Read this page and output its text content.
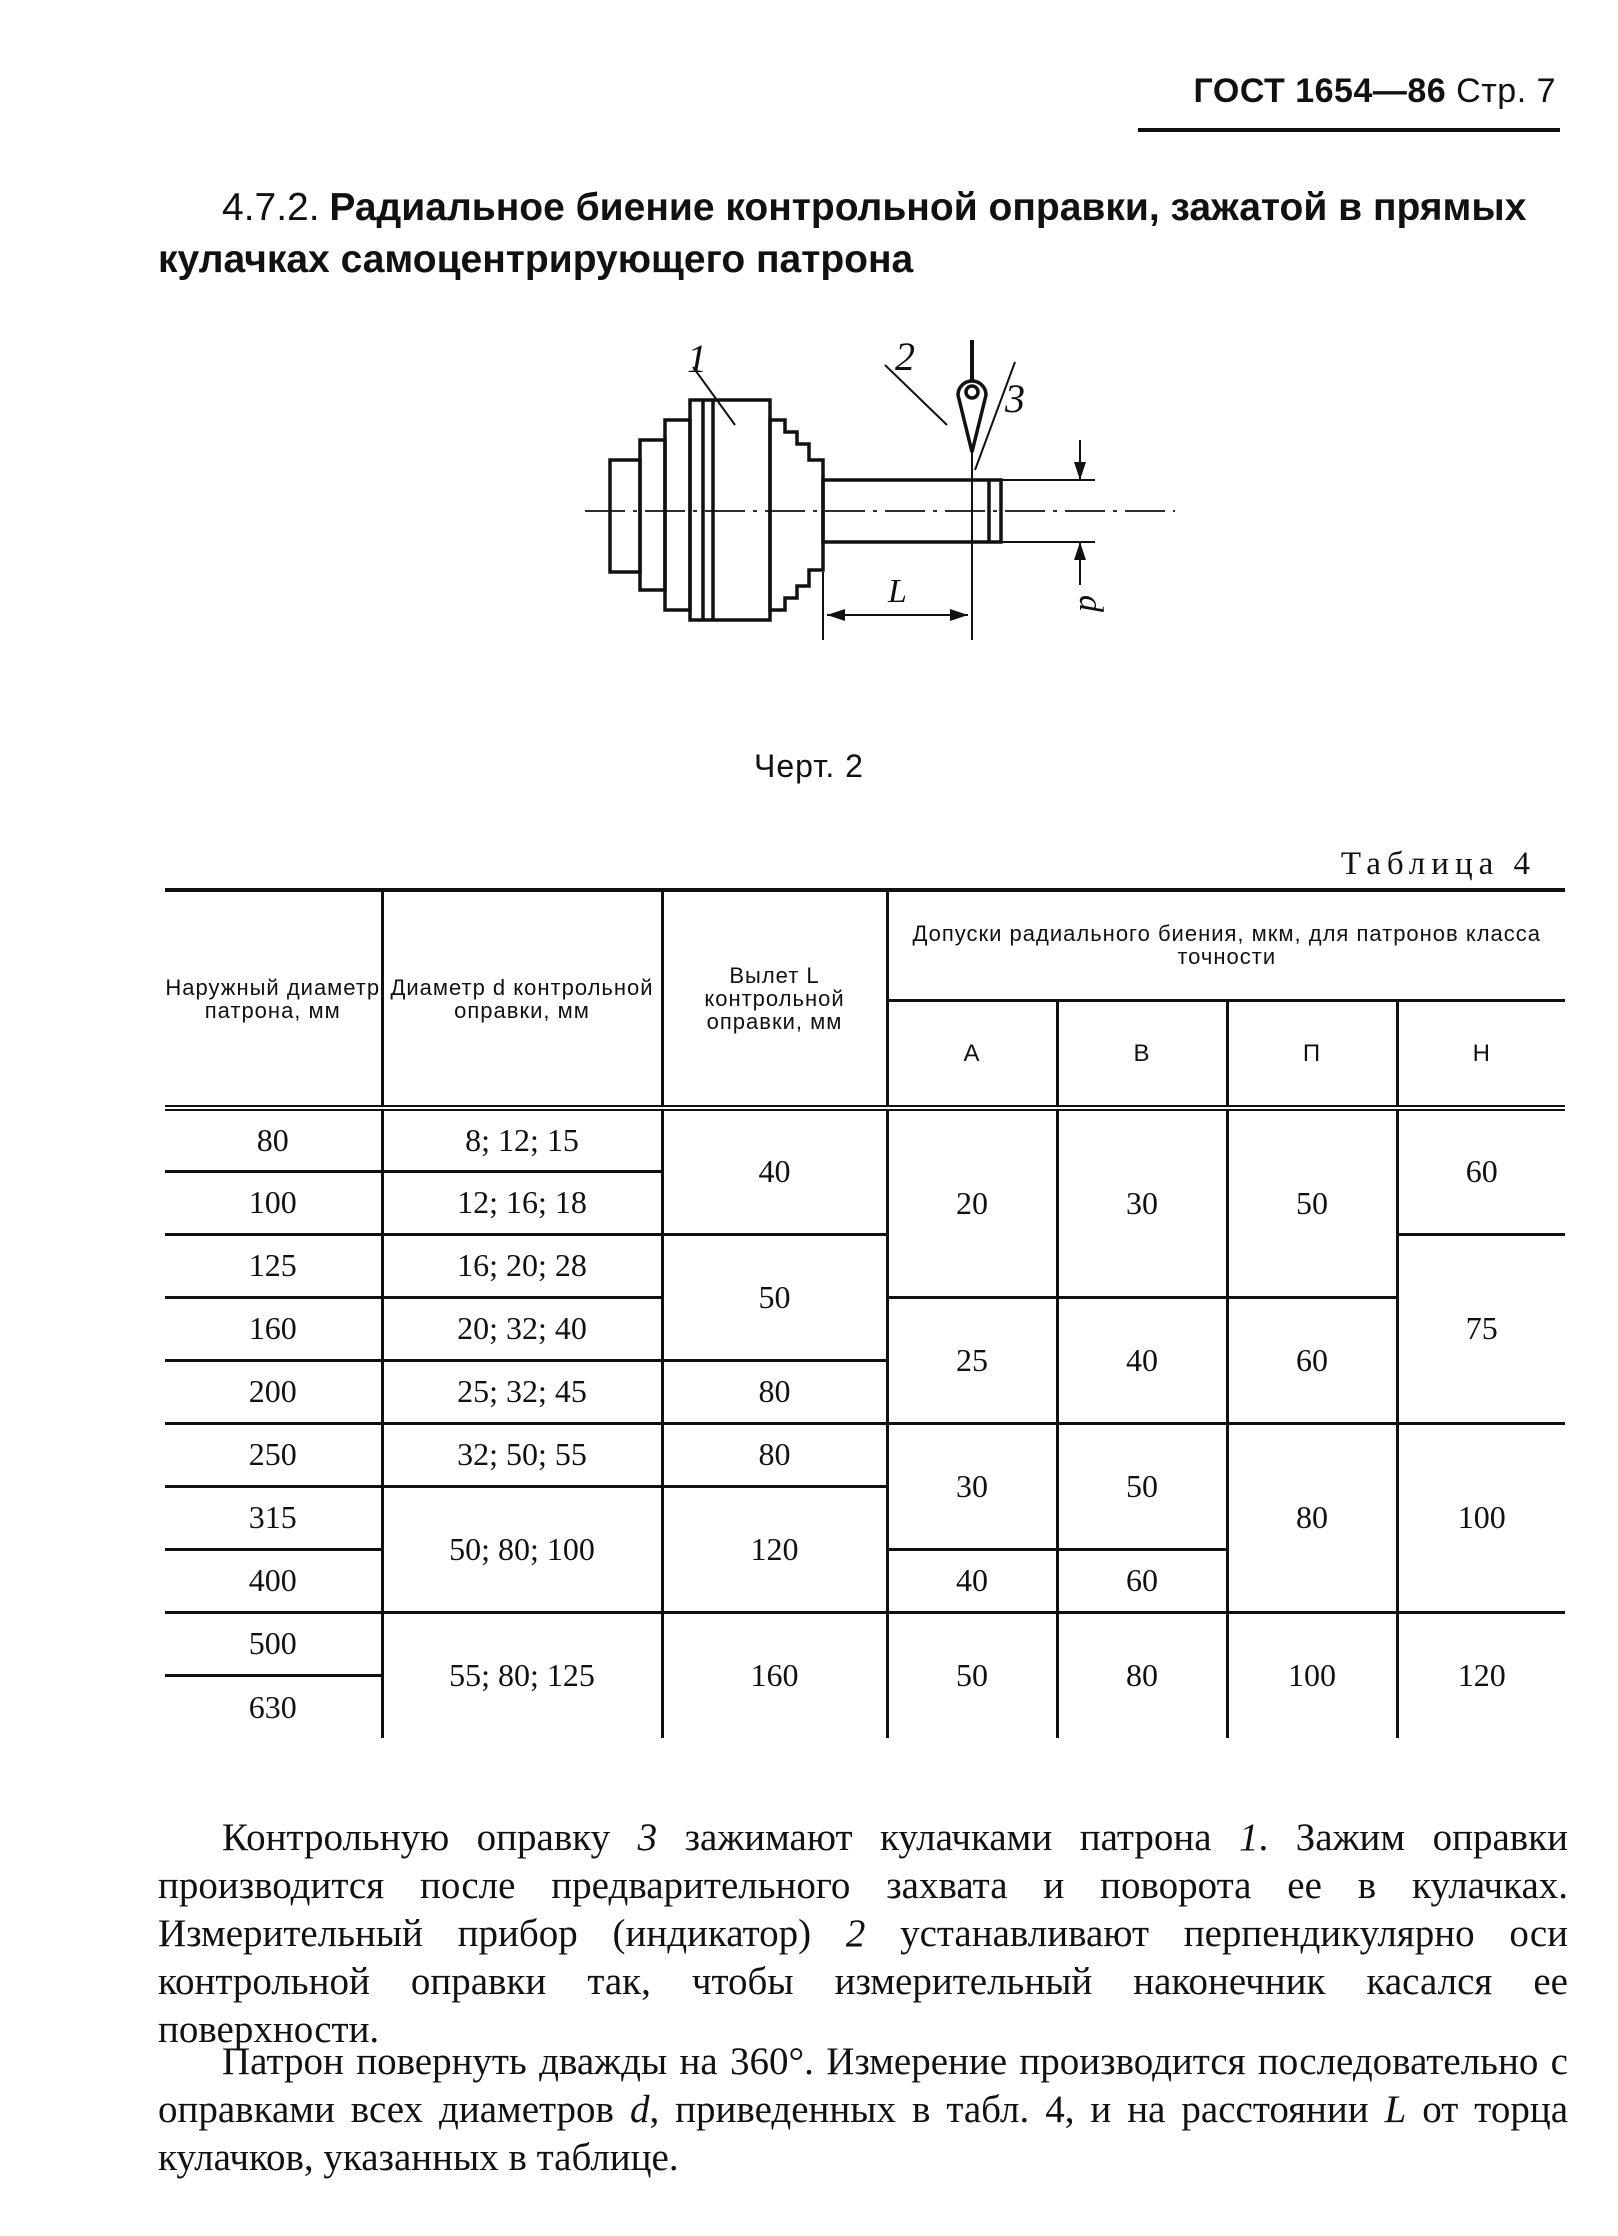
ГОСТ 1654—86 Стр. 7

4.7.2. Радиальное биение контрольной оправки, зажатой в прямых кулачках самоцентрирующего патрона

1	2
3
L	d
Черт. 2
Таблица 4
Наружный диаметр патрона, мм	Диаметр d контрольной оправки, мм	Вылет L контрольной оправки, мм	Допуски радиального биения, мкм, для патронов класса точности			
			А	В	П	Н
80	8; 12; 15	40	20	30	50	60
100	12; 16; 18					
125	16; 20; 28	50				75
160	20; 32; 40		25	40	60	
200	25; 32; 45	80				
250	32; 50; 55	80	30	50	80	100
315	50; 80; 100	120				
400			40	60		
500	55; 80; 125	160	50	80	100	120
630						

Контрольную оправку 3 зажимают кулачками патрона 1. Зажим оправки производится после предварительного захвата и поворота ее в кулачках. Измерительный прибор (индикатор) 2 устанавливают перпендикулярно оси контрольной оправки так, чтобы измерительный наконечник касался ее поверхности.

Патрон повернуть дважды на 360°. Измерение производится последовательно с оправками всех диаметров d, приведенных в табл. 4, и на расстоянии L от торца кулачков, указанных в таблице.
